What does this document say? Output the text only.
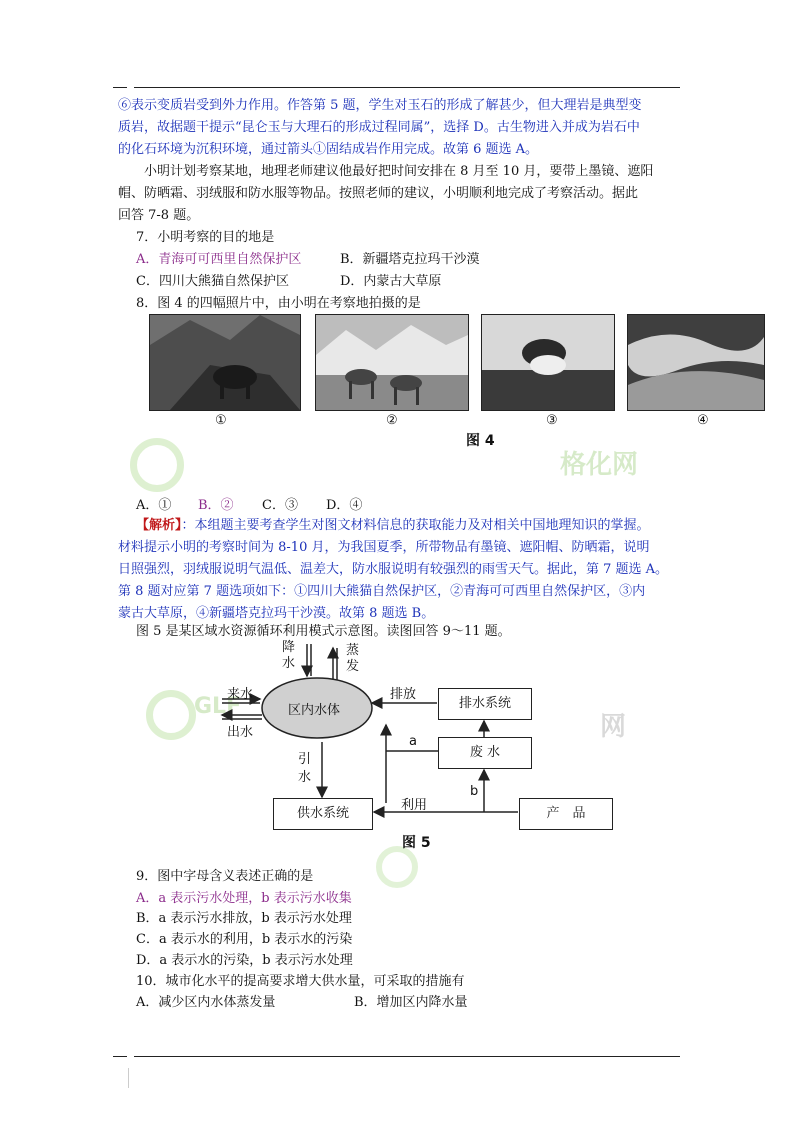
格化网
GLF
网
⑥表示变质岩受到外力作用。作答第 5 题，学生对玉石的形成了解甚少，但大理岩是典型变
质岩，故据题干提示“昆仑玉与大理石的形成过程同属”，选择 D。古生物进入并成为岩石中
的化石环境为沉积环境，通过箭头①固结成岩作用完成。故第 6 题选 A。
小明计划考察某地，地理老师建议他最好把时间安排在 8 月至 10 月，要带上墨镜、遮阳
帽、防晒霜、羽绒服和防水服等物品。按照老师的建议，小明顺利地完成了考察活动。据此
回答 7-8 题。
7．小明考察的目的地是
A．青海可可西里自然保护区	B．新疆塔克拉玛干沙漠
C．四川大熊猫自然保护区	D．内蒙古大草原
8．图 4 的四幅照片中，由小明在考察地拍摄的是
①	②	③	④
图 4
A．①	B．②	C．③	D．④
【解析】：本组题主要考查学生对图文材料信息的获取能力及对相关中国地理知识的掌握。
材料提示小明的考察时间为 8-10 月，为我国夏季，所带物品有墨镜、遮阳帽、防晒霜，说明
日照强烈，羽绒服说明气温低、温差大，防水服说明有较强烈的雨雪天气。据此，第 7 题选 A。
第 8 题对应第 7 题选项如下：①四川大熊猫自然保护区，②青海可可西里自然保护区，③内
蒙古大草原，④新疆塔克拉玛干沙漠。故第 8 题选 B。
图 5 是某区域水资源循环利用模式示意图。读图回答 9～11 题。
区内水体	排水系统
废 水
供水系统	产　品
降水
蒸发
来水
出水
排放
引水
a
b
利用
图 5
9．图中字母含义表述正确的是
A．a 表示污水处理，b 表示污水收集
B．a 表示污水排放，b 表示污水处理
C．a 表示水的利用，b 表示水的污染
D．a 表示水的污染，b 表示污水处理
10．城市化水平的提高要求增大供水量，可采取的措施有
A．减少区内水体蒸发量	B．增加区内降水量
